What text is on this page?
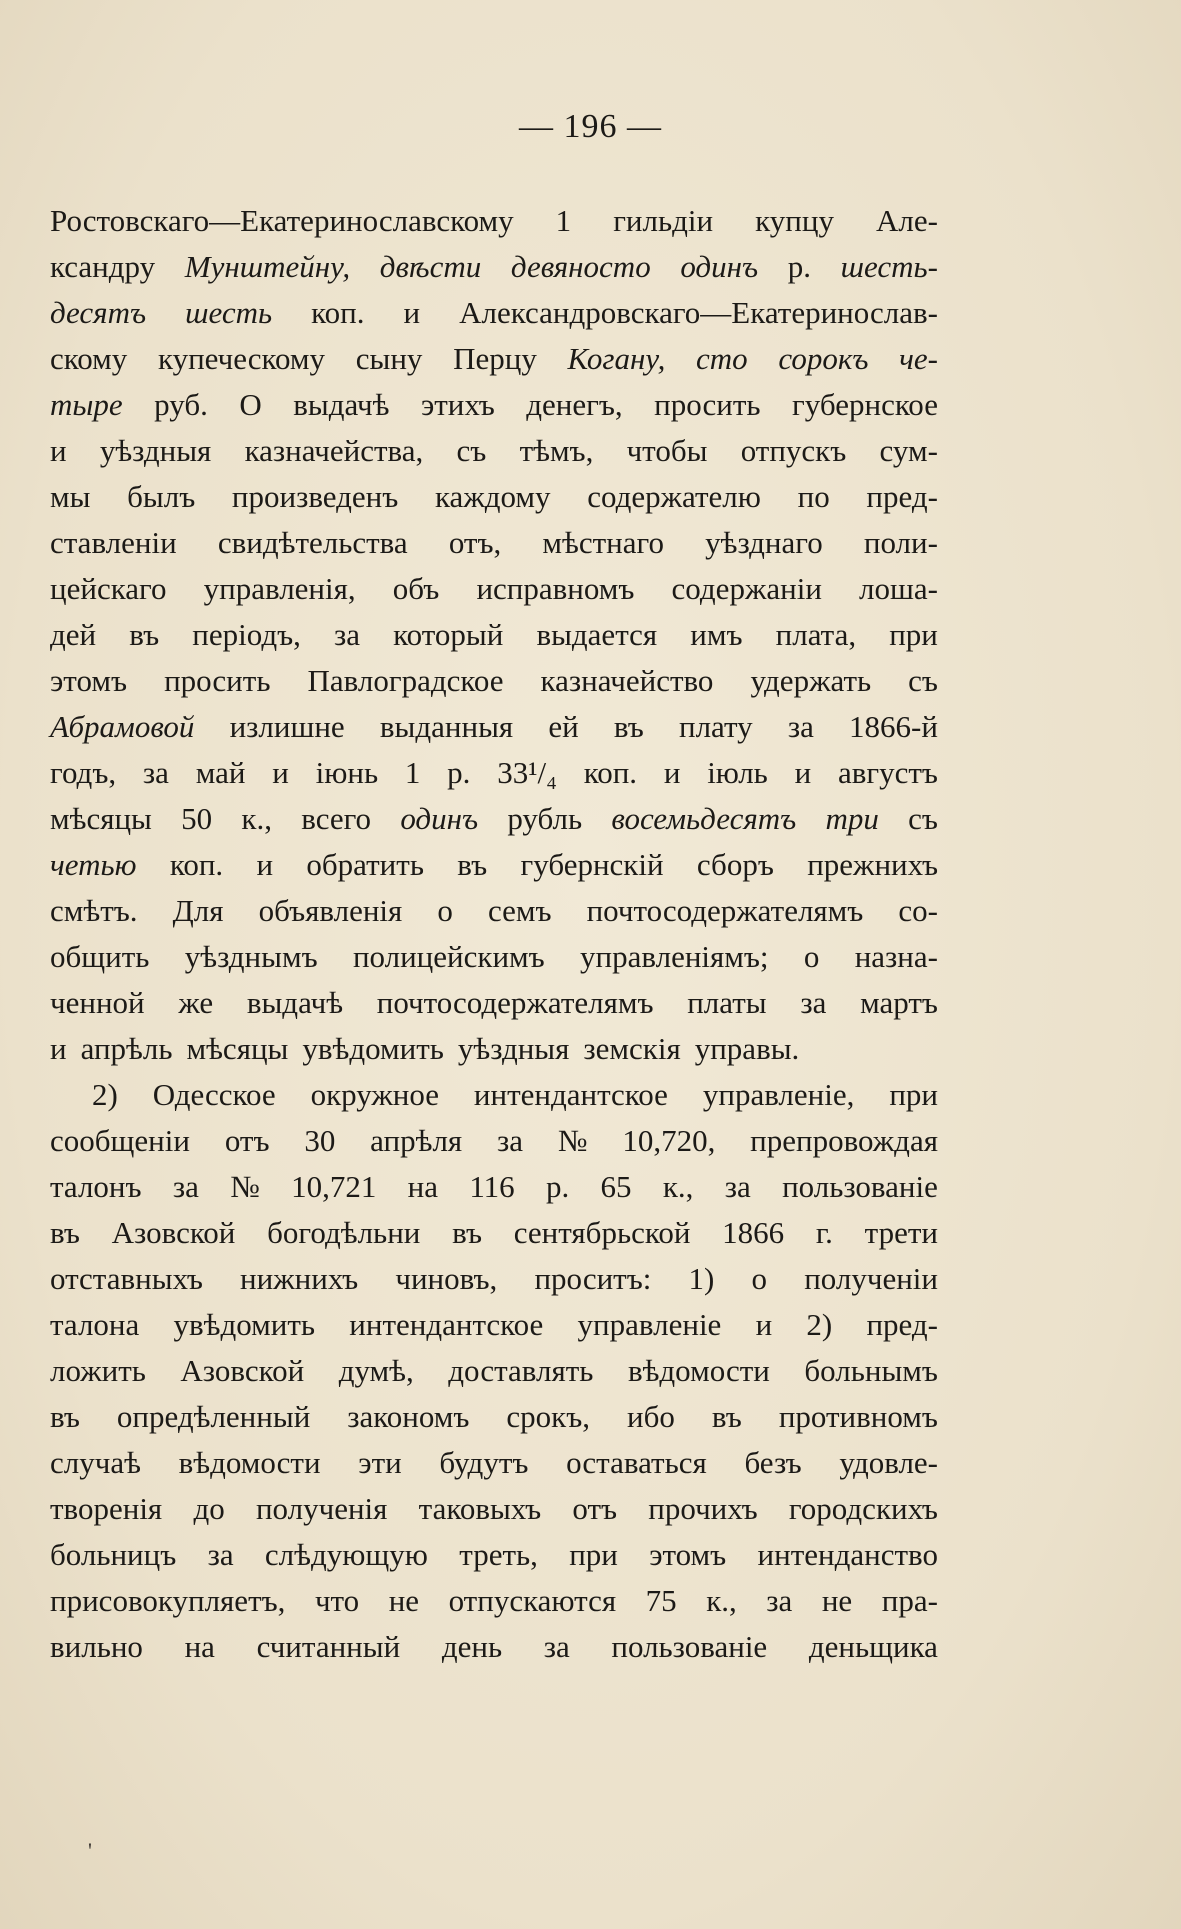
— 196 —
Ростовскаго—Екатеринославскому 1 гильдіи купцу Але-
ксандру Мунштейну, двѣсти девяносто одинъ р. шесть-
десятъ шесть коп. и Александровскаго—Екатеринослав-
скому купеческому сыну Перцу Когану, сто сорокъ че-
тыре руб. О выдачѣ этихъ денегъ, просить губернское
и уѣздныя казначейства, съ тѣмъ, чтобы отпускъ сум-
мы былъ произведенъ каждому содержателю по пред-
ставленіи свидѣтельства отъ, мѣстнаго уѣзднаго поли-
цейскаго управленія, объ исправномъ содержаніи лоша-
дей въ періодъ, за который выдается имъ плата, при
этомъ просить Павлоградское казначейство удержать съ
Абрамовой излишне выданныя ей въ плату за 1866-й
годъ, за май и іюнь 1 р. 33¹/₄ коп. и іюль и августъ
мѣсяцы 50 к., всего одинъ рубль восемьдесятъ три съ
четью коп. и обратить въ губернскій сборъ прежнихъ
смѣтъ. Для объявленія о семъ почтосодержателямъ со-
общить уѣзднымъ полицейскимъ управленіямъ; о назна-
ченной же выдачѣ почтосодержателямъ платы за мартъ
и апрѣль мѣсяцы увѣдомить уѣздныя земскія управы.
2) Одесское окружное интендантское управленіе, при
сообщеніи отъ 30 апрѣля за № 10,720, препровождая
талонъ за № 10,721 на 116 р. 65 к., за пользованіе
въ Азовской богодѣльни въ сентябрьской 1866 г. трети
отставныхъ нижнихъ чиновъ, проситъ: 1) о полученіи
талона увѣдомить интендантское управленіе и 2) пред-
ложить Азовской думѣ, доставлять вѣдомости больнымъ
въ опредѣленный закономъ срокъ, ибо въ противномъ
случаѣ вѣдомости эти будутъ оставаться безъ удовле-
творенія до полученія таковыхъ отъ прочихъ городскихъ
больницъ за слѣдующую треть, при этомъ интенданство
присовокупляетъ, что не отпускаются 75 к., за не пра-
вильно на считанный день за пользованіе деньщика
'
